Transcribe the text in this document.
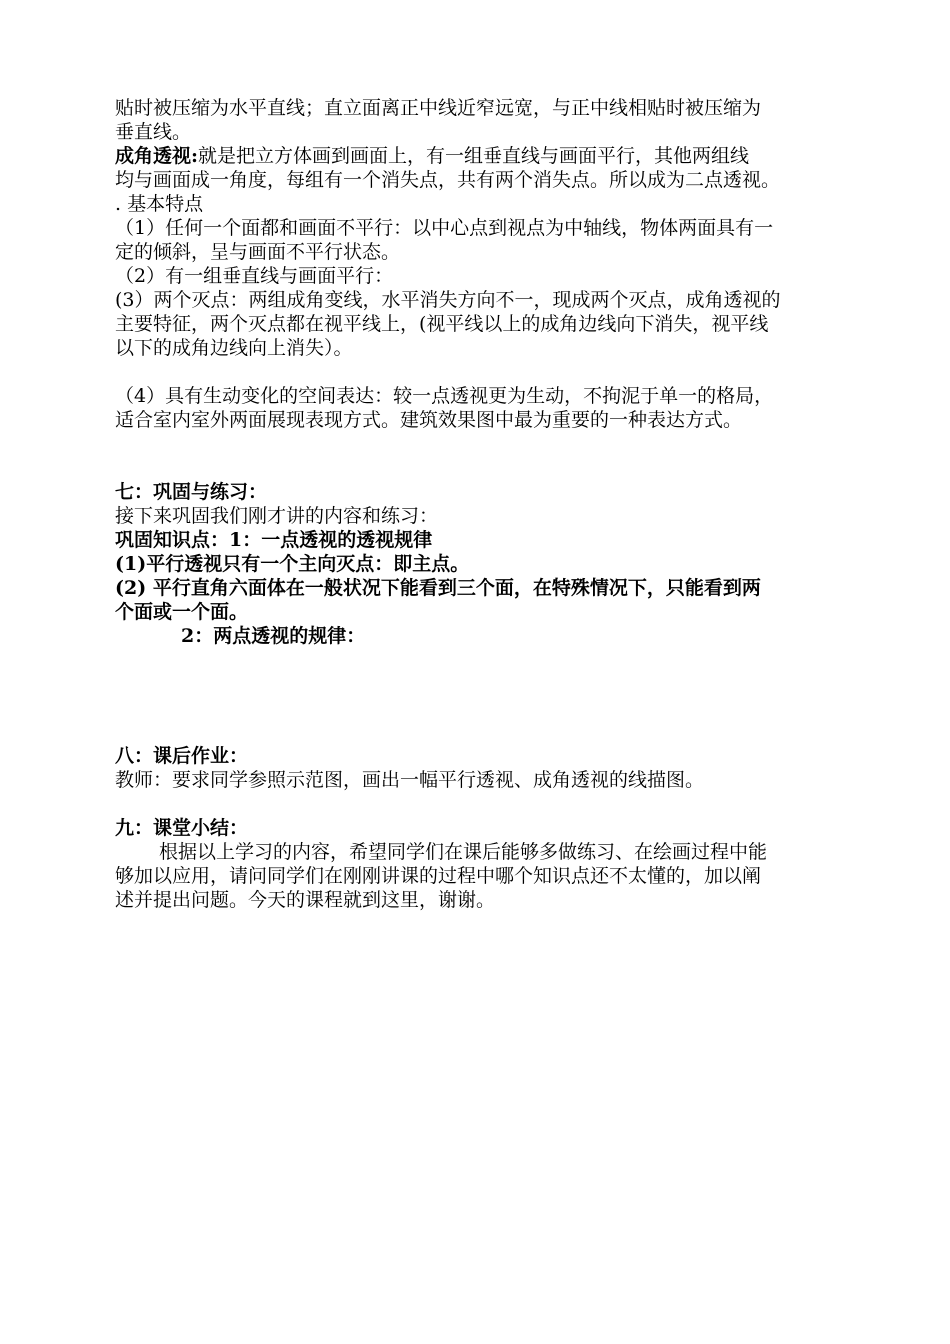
贴时被压缩为水平直线；直立面离正中线近窄远宽，与正中线相贴时被压缩为
垂直线。
成角透视:就是把立方体画到画面上，有一组垂直线与画面平行，其他两组线
均与画面成一角度，每组有一个消失点，共有两个消失点。所以成为二点透视。
. 基本特点
（1）任何一个面都和画面不平行：以中心点到视点为中轴线，物体两面具有一
定的倾斜，呈与画面不平行状态。
（2）有一组垂直线与画面平行：
(3）两个灭点：两组成角变线，水平消失方向不一，现成两个灭点，成角透视的
主要特征，两个灭点都在视平线上，(视平线以上的成角边线向下消失，视平线
以下的成角边线向上消失）。
（4）具有生动变化的空间表达：较一点透视更为生动，不拘泥于单一的格局，
适合室内室外两面展现表现方式。建筑效果图中最为重要的一种表达方式。
七：巩固与练习：
接下来巩固我们刚才讲的内容和练习：
巩固知识点：1：一点透视的透视规律
(1)平行透视只有一个主向灭点：即主点。
(2) 平行直角六面体在一般状况下能看到三个面，在特殊情况下，只能看到两
个面或一个面。
2：两点透视的规律：
八：课后作业：
教师：要求同学参照示范图，画出一幅平行透视、成角透视的线描图。
九：课堂小结：
根据以上学习的内容，希望同学们在课后能够多做练习、在绘画过程中能
够加以应用，请问同学们在刚刚讲课的过程中哪个知识点还不太懂的，加以阐
述并提出问题。今天的课程就到这里，谢谢。
